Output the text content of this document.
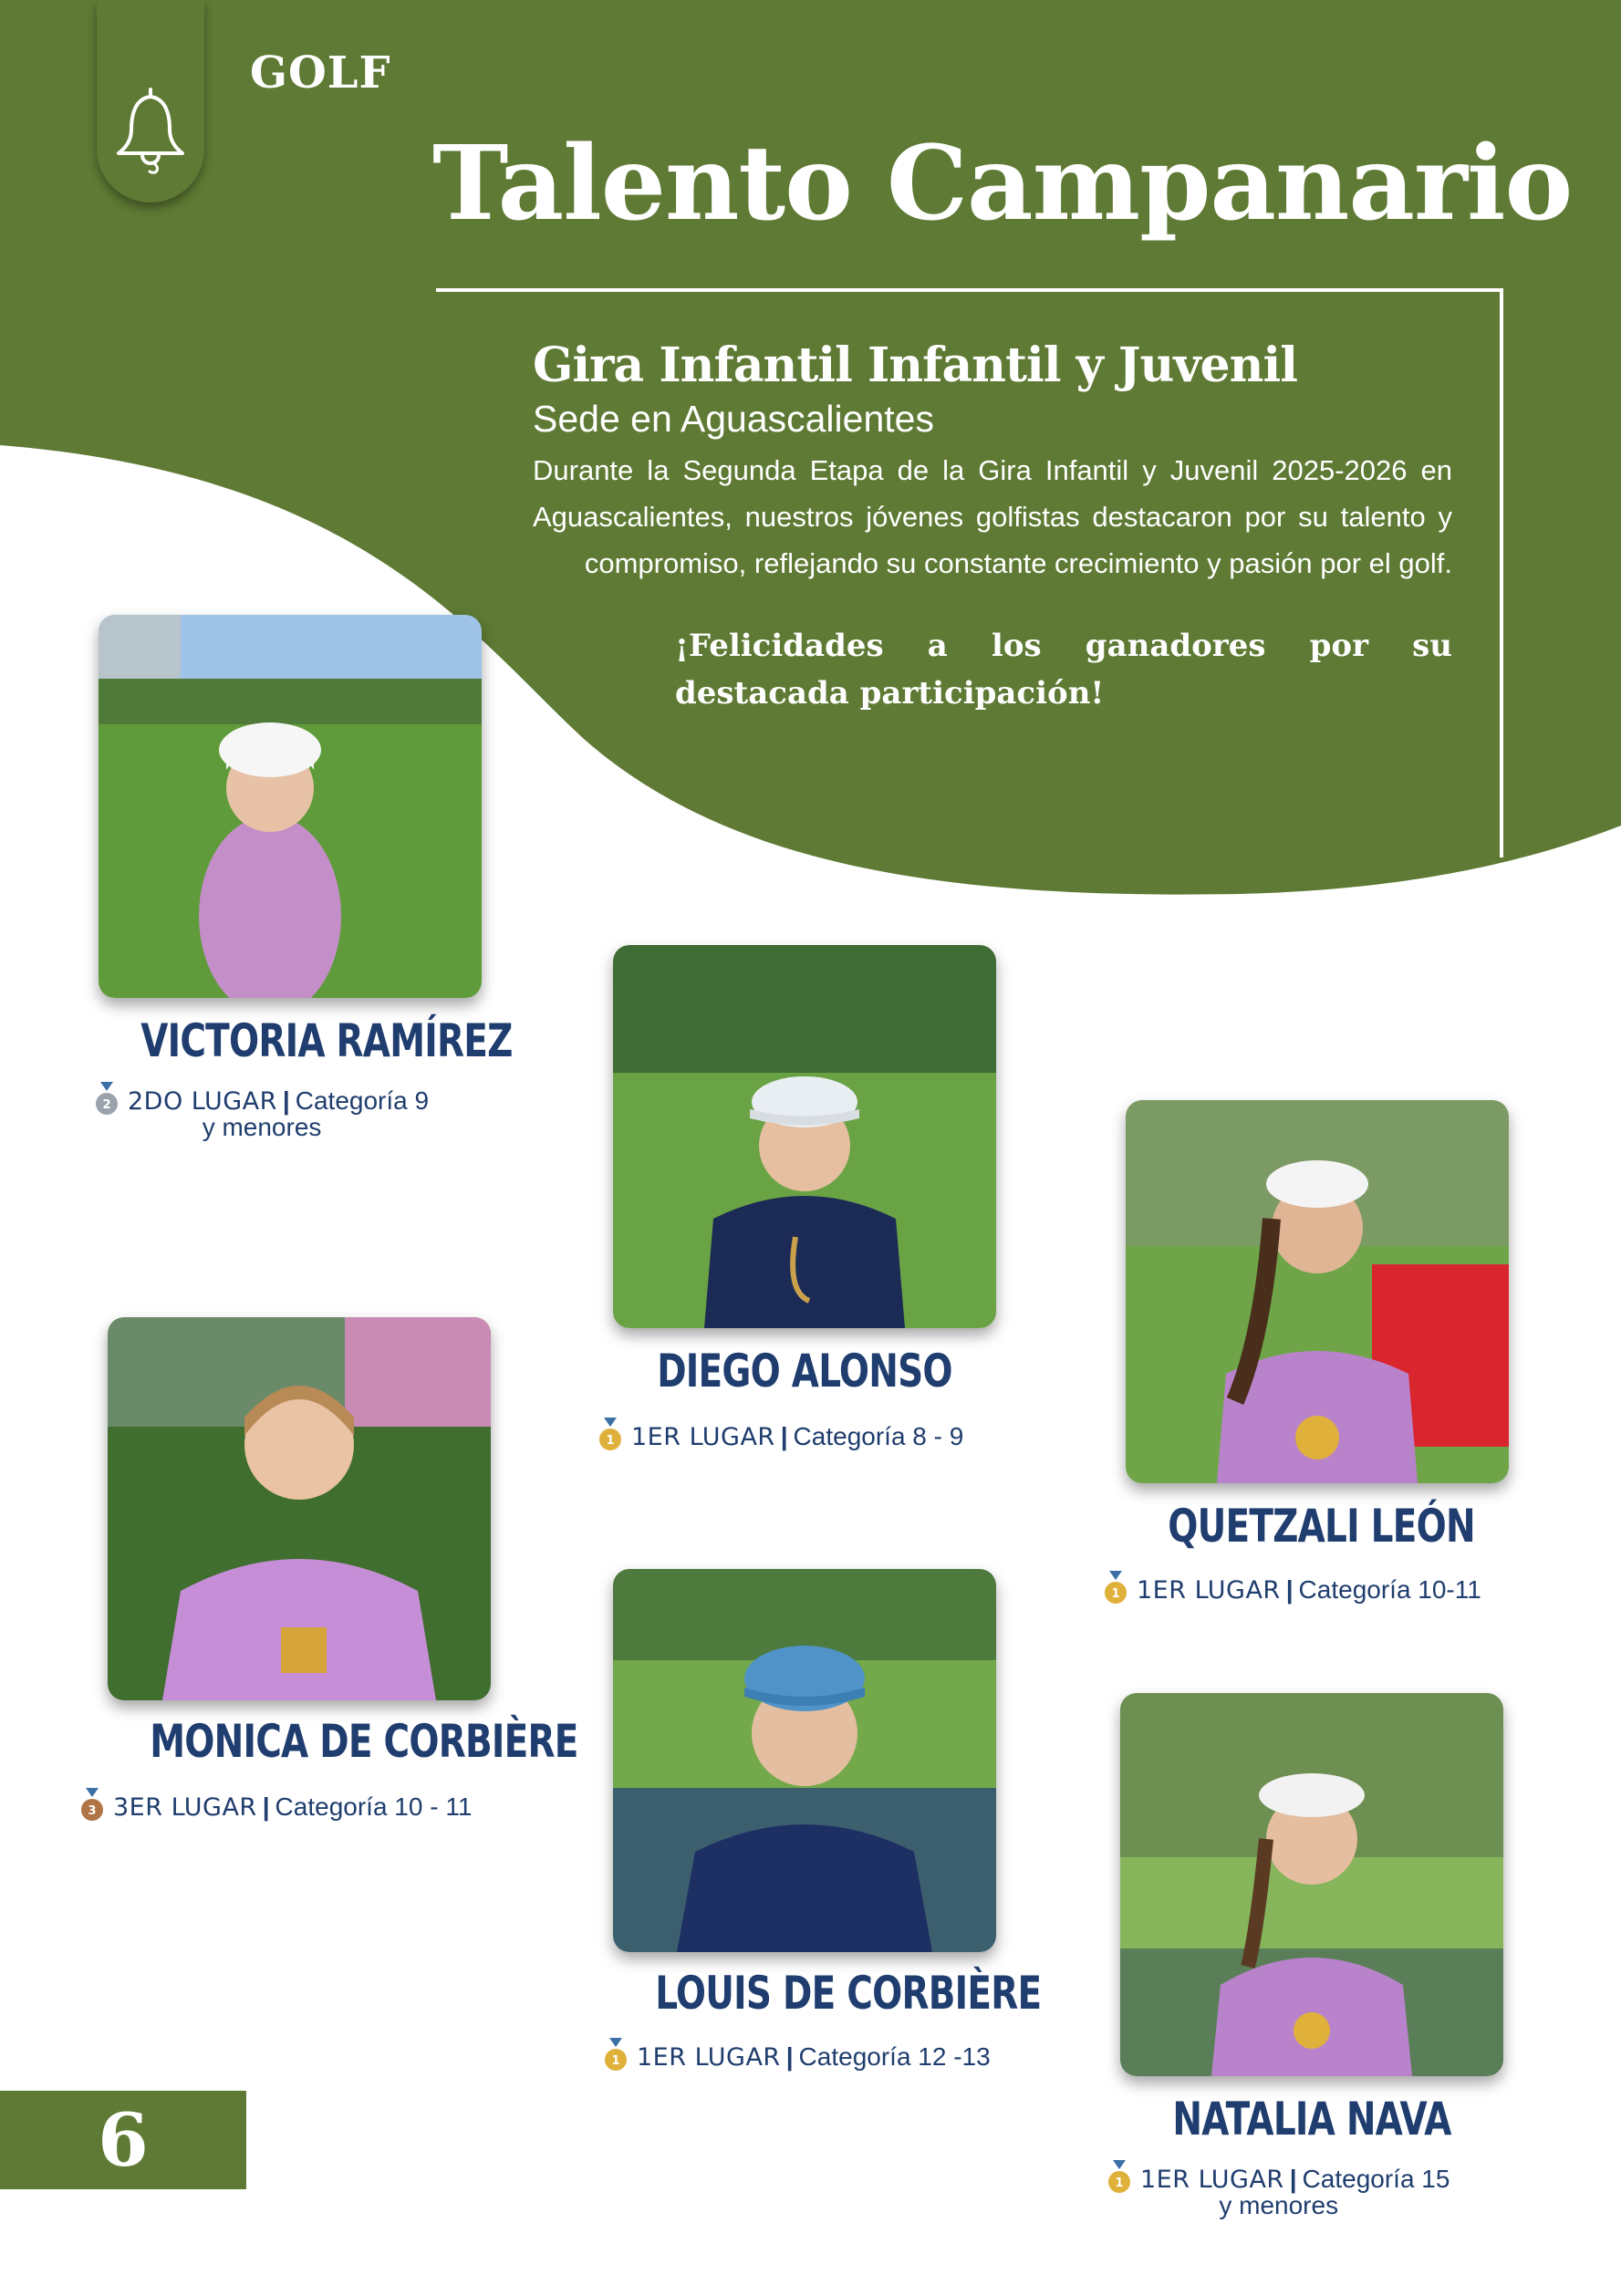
GOLF
Talento Campanario
Gira Infantil Infantil y Juvenil
Sede en Aguascalientes
Durante la Segunda Etapa de la Gira Infantil y Juvenil 2025-2026 en Aguascalientes, nuestros jóvenes golfistas destacaron por su talento y compromiso, reflejando su constante crecimiento y pasión por el golf.
¡Felicidades a los ganadores por su destacada participación!
VICTORIA RAMÍREZ
2 2DO LUGAR | Categoría 9
y menores
DIEGO ALONSO
1 1ER LUGAR | Categoría 8 - 9
QUETZALI LEÓN
1 1ER LUGAR | Categoría 10-11
MONICA DE CORBIÈRE
3 3ER LUGAR | Categoría 10 - 11
LOUIS DE CORBIÈRE
1 1ER LUGAR | Categoría 12 -13
NATALIA NAVA
1 1ER LUGAR | Categoría 15
y menores
6
